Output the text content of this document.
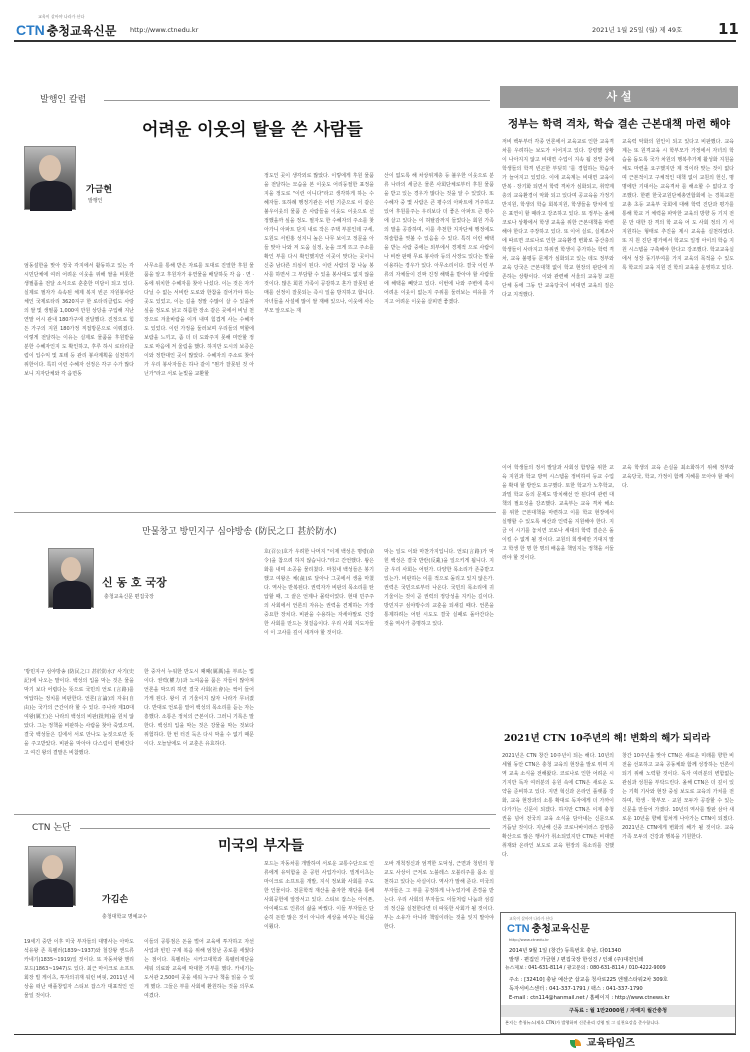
교육이 살아야 나라가 산다
CTN 충청교육신문 http://www.ctnedu.kr	2021년 1월 25일 (월) 제 49호 11
발행인 칼럼
어려운 이웃의 탈을 쓴 사람들
가금현
발행인
엄동설한을 맞아 정국 각지에서 활동하고 있는 각 시민단체에 여러 어려운 이웃을 위해 쌀을 비롯한 생필품을 전달 소식으로 훈훈한 미담이 되고 있다. 실제로 필자가 속속된 체제 복지 빈곤 자원봉사단체인 국제로타리 3620지구 한 로타리클럽도 사랑의 쌀 및 생필품 1,000여 만원 상당을 구입해 지난 연말 어시 관내 180가구에 전달했다. 진정으로 힘든 가구의 지원 180가정 직접방문으로 이뤄졌다. 이렇게 전달하는 이유는 실제로 물품을 후원받을 분한 수혜자인지 도 확인하고, 후루 하시 로타리클럽이 입수익 및 포테 등 관리 봉사계획을 실천하기 위한이다. 특히 이런 수혜자 선정은 각구 수가 많다 보니 지자단체와 각 읍면동
사무소를 통해 받은 자료를 토대로 진열한 후원 물품을 알고 후원자가 유연물을 배달하듯 각 읍 · 면 · 동에 위치한 수혜자를 찾아 나섰다. 이는 것은 자가 다닐 수 없는 서비란 도로와 한참을 걸어가야 하는 곳도 있었고, 이는 길을 정말 수많이 살 수 있을까 싶을 정도로 낡고 허름한 장소 같은 곳에서 비닐 천 장으로 겨울바람을 이겨 내며 힘겹게 사는 수혜자도 있었다. 이런 가정을 둘러보며 우리들의 역할에 보람을 느끼고, 좀 더 더 도와주지 못해 미안할 정도로 마음에 저 울림을 했다. 하지만 도시의 보증은 이와 정반대인 곳이 많았다. 수혜자의 주소로 찾아가 우리 봉사자들은 하나 같이 "뭔가 잘못된 것 아닌가"라고 서로 눈빛을 교환할
정도인 곳이 생각외로 많았다. 이렇에게 후원 물품을 전달하는 모습을 본 이웃도 어리둥절한 표정을 지을 정도로 "이런 이니다"라고 생각하게 하는 수혜자들. 또하례 행정기관은 어떤 기준으로 이 같은 불우이웃의 물품 쓴 사람들을 이웃도 이웃으로 선정했을까 싶을 정도. 필자도 한 수혜자의 주소를 찾아가니 아파트 단지 내로 작은 주택 부분인데 구세, 도원도 서빈홍 성지니 높은 나무 보이고 정문을 아들 맞아 나와 저 도움 실정, 눈을 크게 뜨고 주소를 확인 부를 다시 확인했지만 이곳이 맞다는 곳이니 신중 남다른 의심이 된다. 이런 사람의 참 나눔 봉사를 하면서 그 부담할 수 있을 봉사대도 없지 않을 것이다. 많은 회원 가족이 공감하고 혼가 잘못된 판매를 선정이 잘못되는 즉시 일을 방지하고 합니다. 자녀들을 사설에 많이 쌀 재배 있으나, 이웃에 사는 부모 앞으로는 재
산이 없도록 해 차상위계층 등 불우한 이웃으로 분류 나라의 세금은 물론 사회단체로부터 후원 물품을 받고 있는 경우가 많다는 것을 알 수 있었다. 또 수혜자 중 몇 사람은 큰 평수의 아파트에 거주하고 있어 후원를주는 우리보다 더 좋은 아파트 큰 평수에 살고 있다는 이 허탈감까지 들었다는 회원 가족의 말을 공감하며, 이를 추천한 지자단체 행정에도 허술함을 엿볼 수 있음을 수 있다. 특히 이런 해택을 받는 사람 중에는 외부에서 경제적 으로 사람이나 비싼 판매 무료 봉사라 등의 사장도 있다는 말을 이용하는 경우가 있다. 아무소리이다. 결국 이런 부류의 자체들이 진짜 진정 해택을 받아야 할 사람들에 해택을 빼앗고 있다. 이번에 나와 주변에 혹시 어려운 이웃이 없는지 주위를 둘러보는 여유를 가지고 어려운 이웃을 살피면 좋겠다.
사 설
정부는 학력 격차, 학습 결손 근본대책 마련 해야
저비 백두부터 각종 언론에서 교육교로 인한 교육격차를 우려하는 보도가 이어지고 있다. 강령했 상황이 나아지지 않고 비대면 수업이 지속 됨 전망 중에 학생들의 학격 빈곤한 부딪히 '를 경험하는 학습자가 늘어지고 있었다. 이에 교육계는 비대면 교육이 반복 · 장기화 되면서 학력 격차가 심화되고, 취약계층의 교육환경이 악화 되고 있다며 공교육을 가정기반지원, 학생의 학습 회복지원, 학생들을 방치에 일은 표연이 할 때라고 강조하고 있다. 또 정부는 올해 코로나 상황에서 학생 교육을 위한 근본대책을 마련해야 한다고 주장하고 있다. 또 이어 실로, 실제조사에 따르면 코로나로 인한 교육환경 변화로 중산층의 학생들이 사라지고 하위권 학생이 증가하는 학력 격차, 교육 불평등 문제가 심화되고 있는 데도 정부와 교육 당국은 근본대책 없이 학교 현장의 판단에 의존하는 상황이다. 이와 관련해 서울의 교육청 교원 단체 등에 그동 안 교육당국이 비대면 교육의 질은 다교 지적했다.
교육력 악화의 원인이 되고 있다고 비판했다. 교육계는 또 원격교육 시 학부모가 가정에서 자녀의 학습을 돕도록 국가 차원의 행복추가제 활성화 지원을 체도 마련을 요구했지만 제 적이라 맞는 것이 없다며 근본적이고 구체적인 대책 없이 교원의 헌신, 명명에만 기대서는 교육격차 를 해소할 수 없다고 강조했다. 한편 한국교원단체총연합회에 는 경북교원 교총 초등 교육부 국회에 대해 학력 진단과 평가를 통해 학교 거 체력을 파악한 교육의 방향 등 기지 전문 만 대한 감 격의 학 교육 어 도 사회 정의 기 서 지원하는 형태로 추진을 제시 교육을 실천하였다. 또 지 원 진단 평가에서 학교도 일정 아이의 학습 지원 시스템을 구축해야 한다고 강조했다. 학교교육실에서 성장 동기부여를 가지 교육의 목적을 수 있도록 학교의 교육 지원 진 학의 교육을 운영하고 있다.
이어 학생들의 정서 발달과 사회성 함양을 위한 교육 지원과 학교 방역 시스템을 정비하여 등교 수업을 확대 할 방안도 요구했다. 또한 학교가 노후학교, 과밀 학교 등의 문제도 방치해선 안 된다며 관련 대책의 필요성을 강조했다. 교육부는 교육 격차 해소를 위한 근본대책을 마련하고 이를 학교 현장에서 실행할 수 있도록 예산과 인력을 지원해야 한다. 지금 이 시기를 놓치면 코로나 세대의 학력 결손은 돌이킬 수 없게 될 것이다. 교원의 희생에만 기대지 말고 학생 한 명 한 명의 배움을 책임지는 정책을 서둘러야 할 것이다.
교육 학생의 교육 손실을 최소화하기 위해 정부와 교육당국, 학교, 가정이 함께 지혜를 모아야 할 때이다.
만물창고 방민지구 심야방송 (防民之口 甚於防水)
신 동 호 국장
충청교육신문 편집국장
'방민지구 심야방송 (防民之口 甚於防水)' 사기(史記)에 나오는 말이다. 백성의 입을 막는 것은 물을 막기 보다 어렵다는 뜻으로 국민의 언로 (言路)를 억압하는 정치를 비판한다. 언론(言論)의 자유(自由)는 국가의 근간이라 할 수 있다. 주나라 제10대 여왕(厲王)은 나라의 백성의 비판(批判)을 원치 않았다. 그는 정책을 비판하는 사람을 찾아 죽였으며, 결국 백성들은 길에서 서로 만나도 눈짓으로만 뜻을 주고받았다. 비판을 막아야 다스림이 편해진다고 여긴 왕의 결말은 비참했다.
한 중자서 누워한 반도시 째째(厲厲)을 부르는 법이다. 권력(權力)과 노여움을 품은 자들이 많아져 언론을 막으려 하면 결국 사회(社會)는 썩어 들어가게 된다. 왕이 귀 기울이지 않자 나라가 무너졌다. 반대로 언로를 열어 백성의 목소리를 듣는 자는 흥했다. 소통은 정치의 근본이다. 그러니 기록은 말한다. 백성의 입을 막는 것은 강물을 막는 것보다 위험하다. 한 번 터진 둑은 다시 막을 수 없기 때문이다. 오늘날에도 이 교훈은 유효하다.
호(召公)호가 우려한 나머지 "이제 백성은 명령(命令)을 참으려 하지 않습니다."라고 간언했다. 왕은 화를 내며 소공을 물리쳤다. 마침내 백성들은 봉기했고 여왕은 체(彘)로 달아나 그곳에서 생을 마쳤다. 역사는 반복된다. 권력자가 비판의 목소리를 탄압할 때, 그 끝은 언제나 몰락이었다. 현대 민주주의 사회에서 언론의 자유는 권력을 견제하는 가장 중요한 장치다. 비판을 수용하는 자세야말로 건강한 사회를 만드는 첫걸음이다. 우리 사회 지도자들이 이 고사를 깊이 새겨야 할 것이다.
막는 일도 이와 마찬가지입니다. 언로(言路)가 막힌 백성은 결국 반란(反亂)을 일으키게 됩니다. 지금 우리 사회는 어떤가. 다양한 목소리가 존중받고 있는가. 비판하는 이를 적으로 돌리고 있지 않은가. 권력은 국민으로부터 나온다. 국민의 목소리에 귀 기울이는 것이 곧 권력의 정당성을 지키는 길이다. 방민지구 심야방수의 교훈을 되새길 때다. 언론을 통제하려는 어떤 시도도 결국 실패로 돌아간다는 것을 역사가 증명하고 있다.
2021년 CTN 10주년의 해! 변화의 해가 되리라
2021년은 CTN 창간 10주년이 되는 해다. 10년의 세월 동안 CTN은 충청 교육의 현장을 발로 뛰며 지역 교육 소식을 전해왔다. 코로나로 인한 어려운 시기지만 독자 여러분의 응원 속에 CTN은 새로운 도약을 준비하고 있다. 지면 혁신과 온라인 플랫폼 강화, 교육 현장과의 소통 확대로 독자에게 더 가까이 다가가는 신문이 되겠다. 하지만 CTN은 이제 충청권을 넘어 전국의 교육 소식을 담아내는 신문으로 거듭날 것이다. 지난해 신종 코로나바이러스 감염증 확산으로 많은 행사가 취소되었지만 CTN은 비대면 취재와 온라인 보도로 교육 현장의 목소리를 전했다.
창간 10주년을 맞아 CTN은 새로운 미래를 향한 비전을 선포하고 교육 공동체와 함께 성장하는 언론이 되기 위해 노력할 것이다. 독자 여러분의 변함없는 관심과 성원을 부탁드린다. 올해 CTN은 더 깊이 있는 기획 기사와 현장 중심 보도로 교육의 가치를 전하며, 학생 · 학부모 · 교원 모두가 공감할 수 있는 신문을 만들어 가겠다. 10년의 역사를 발판 삼아 새로운 10년을 향해 힘차게 나아가는 CTN이 되겠다. 2021년은 CTN에게 변화의 해가 될 것이다. 교육 가족 모두의 건강과 행복을 기원한다.
CTN 논단
미국의 부자들
가김손
충청대학교 명예교수
19세기 중반 이후 미국 부자들의 대명사는 아마도 석유왕 존 록펠러(1839~1937)와 철강왕 앤드류 카네기(1835~1919)일 것이다. 또 자동차왕 헨리 포드(1863~1947)도 있다. 최근 마이크로 소프트 회장 빌 게이츠, 투자의귀재 워런 버핏, 2011년 세상을 떠난 애플창업자 스티브 잡스가 대표적인 인물일 것이다.
이들의 공통점은 돈을 벌어 교육에 투자하고 자선사업과 빈민 구제 복음 위해 엄청난 공로를 세웠다는 점이다. 록펠러는 시카고대학과 록펠러재단을 세워 의료와 교육에 막대한 기부를 했다. 카네기는 도서관 2,500여 곳을 세워 누구나 책을 읽을 수 있게 했다. 그들은 부를 사회에 환원하는 것을 의무로 여겼다.
포드는 자동차를 개발하여 서로운 교통수단으로 인류에게 유익함을 준 공헌 사업가이다. 빌게이츠는 마이크로 소프트를 개발, 지식 정보화 사회를 주도한 인물이다. 천문학적 재산을 출자한 재단을 통해 사회공헌에 앞장서고 있다. 스티브 잡스는 아이폰, 아이패드로 인류의 삶을 바꿨다. 이들 부자들은 단순히 돈만 많은 것이 아니라 세상을 바꾸는 혁신을 이뤘다.
오바 개척정신과 엄격한 도덕성, 근면과 청빈의 청교도 사상이 근저로 노블레스 오블리주를 몸소 실천하고 있다는 사실이다. 역사가 말해 준다. 미국의 부자들은 그 부를 공정하게 나누었기에 존경을 받는다. 우리 사회의 부자들도 이들처럼 나눔과 섬김의 정신을 실천한다면 더 따뜻한 사회가 될 것이다. 부는 소유가 아니라 책임이라는 것을 잊지 말아야 한다.
교육이 살아야 나라가 산다
CTN 충청교육신문
http://www.ctnedu.kr
2014년 9월 1일 (창간) 등록번호 충남, 다01340
발행 · 편집인 가금현 / 편집국장 한성진 / 인쇄 (주)대전인쇄
뉴스제보 : 041-631-8114 / 광고문의 : 080-631-8114 / 010-4222-9009
주소 : [32410] 충남 예산군 삽교읍 청사로225 엔젤스타워2차 309호
독자서비스센터 : 041-337-1791 / 팩스 : 041-337-1790
E-mail : ctn114@hanmail.net / 홈페이지 : http://www.ctnews.kr
구독료 : 월 1만2000원 / 자매지 월간충청
본지는 충청뉴스(제호 CTN)가 발행하며 신문윤리 강령 및 그 실천요강을 준수합니다.
교육타임즈
